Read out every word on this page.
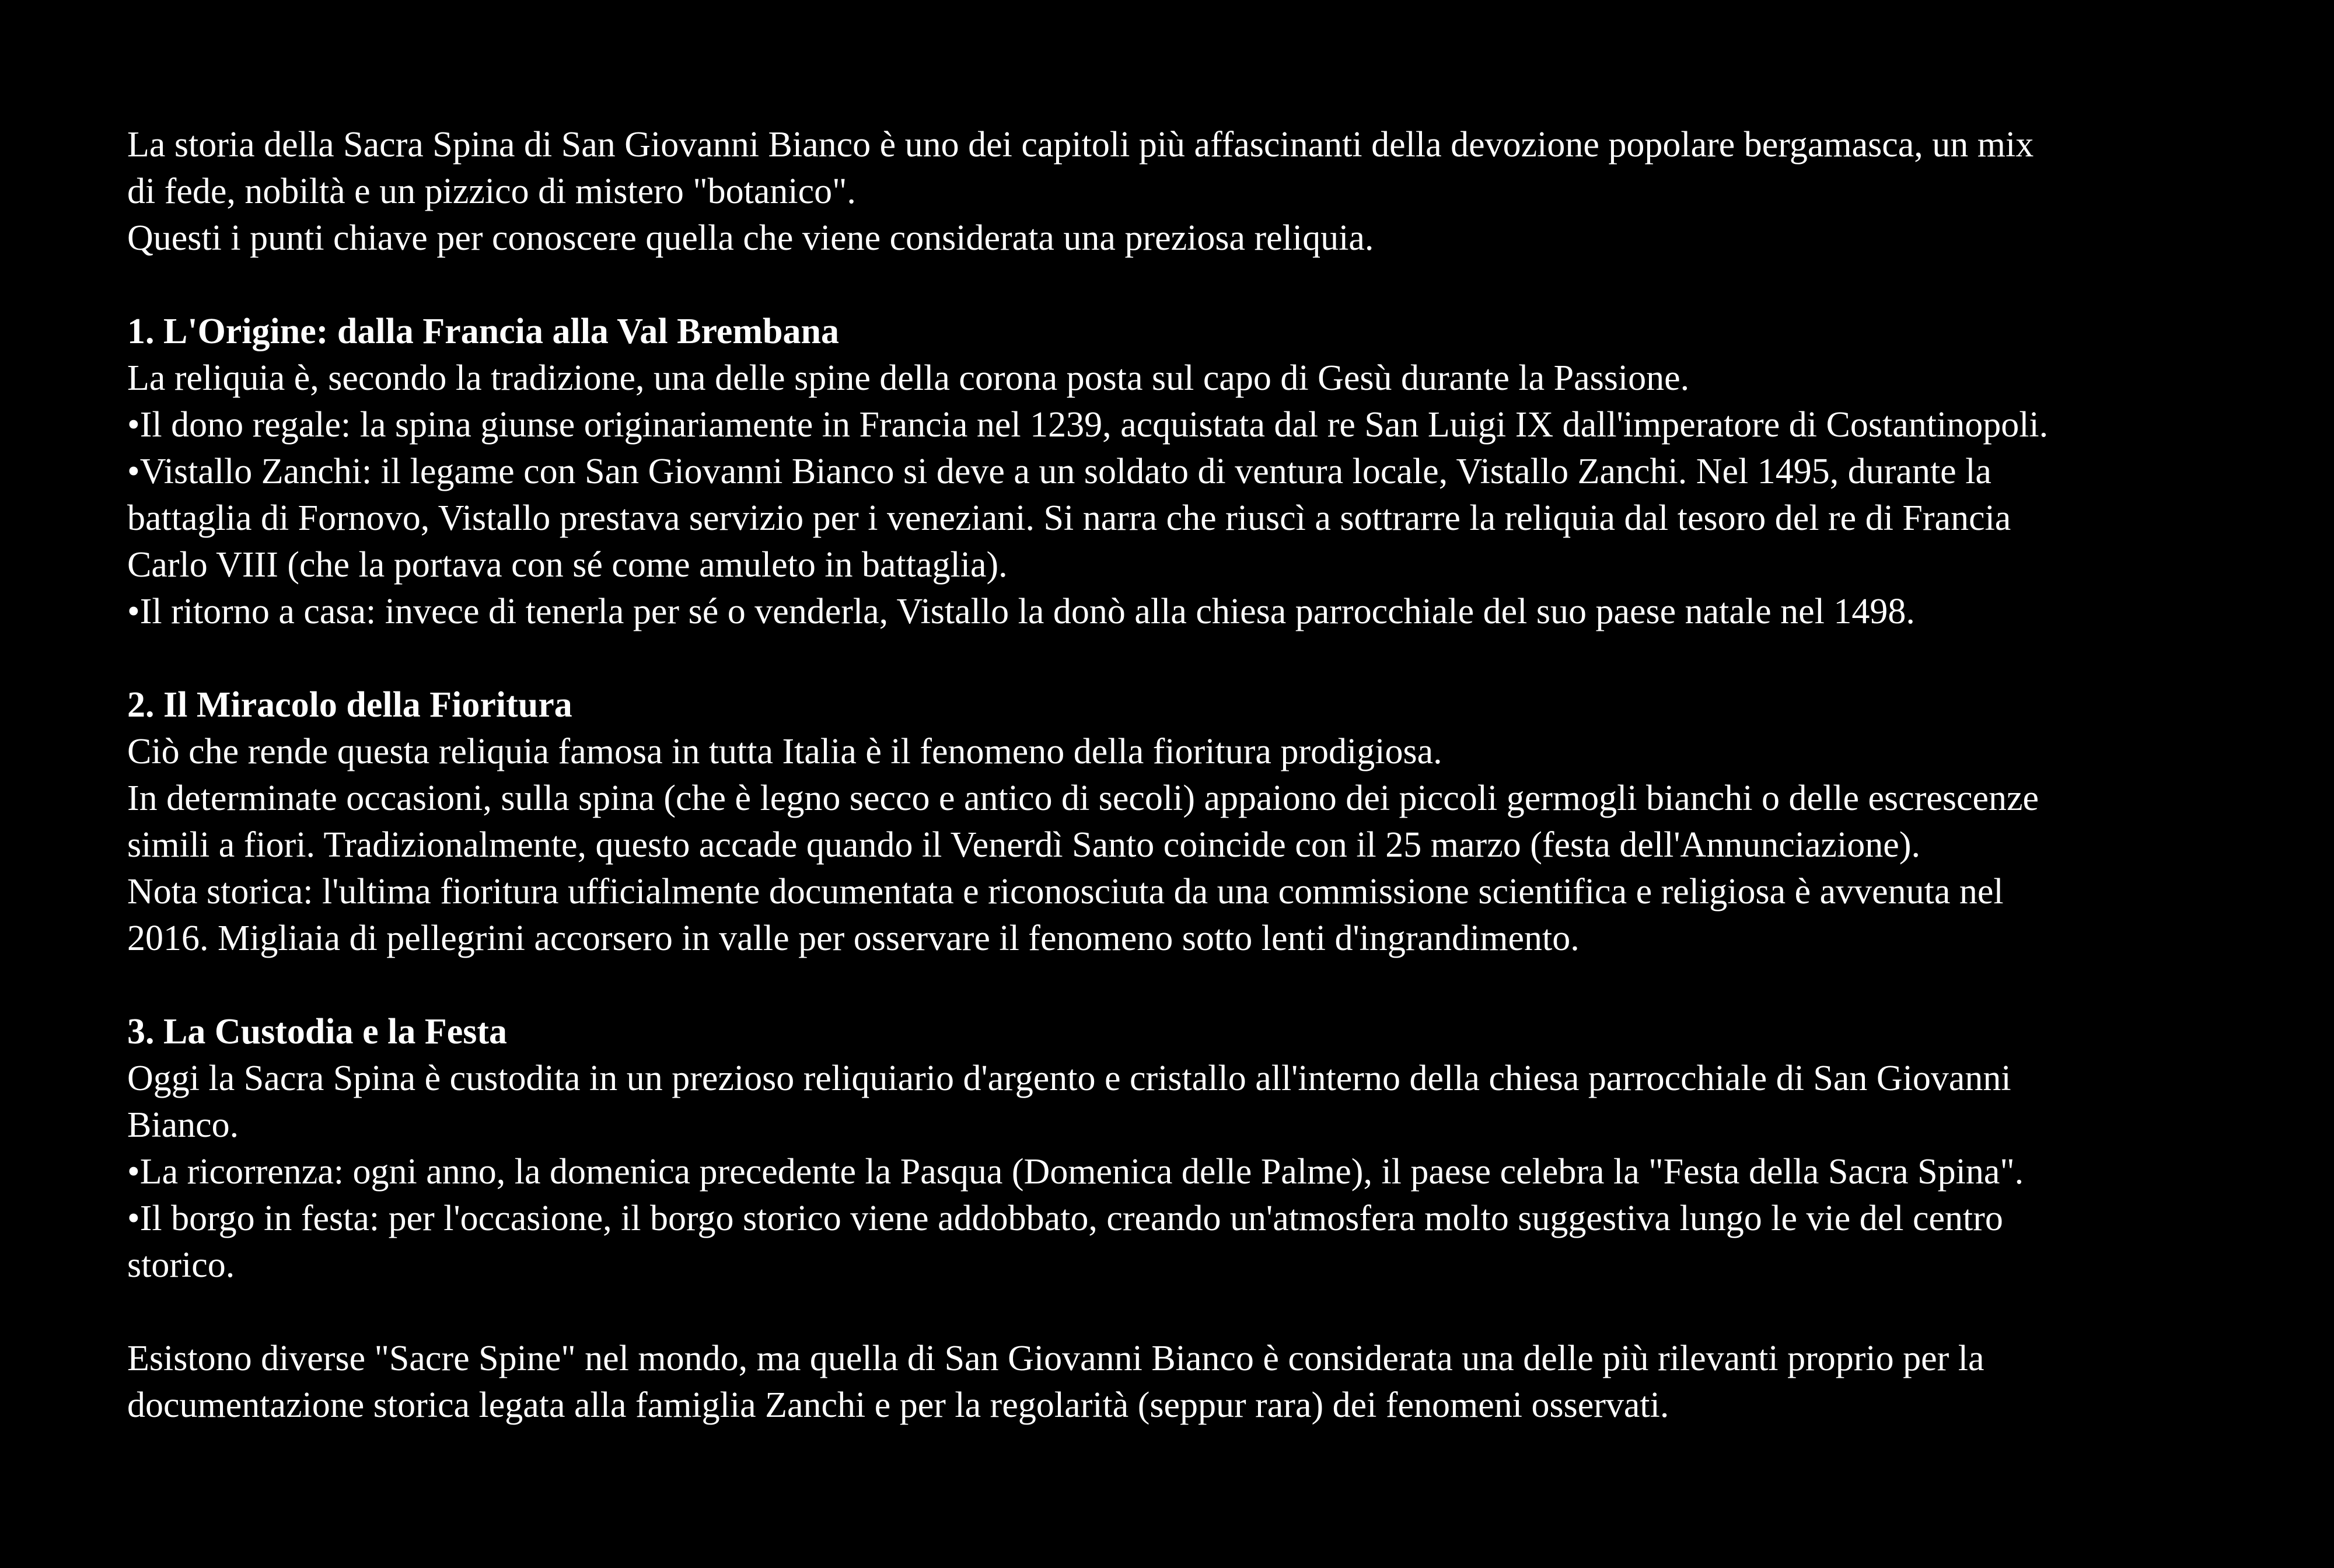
La storia della Sacra Spina di San Giovanni Bianco è uno dei capitoli più affascinanti della devozione popolare bergamasca, un mix
di fede, nobiltà e un pizzico di mistero "botanico".
Questi i punti chiave per conoscere quella che viene considerata una preziosa reliquia.
1. L'Origine: dalla Francia alla Val Brembana
La reliquia è, secondo la tradizione, una delle spine della corona posta sul capo di Gesù durante la Passione.
•Il dono regale: la spina giunse originariamente in Francia nel 1239, acquistata dal re San Luigi IX dall'imperatore di Costantinopoli.
•Vistallo Zanchi: il legame con San Giovanni Bianco si deve a un soldato di ventura locale, Vistallo Zanchi. Nel 1495, durante la
battaglia di Fornovo, Vistallo prestava servizio per i veneziani. Si narra che riuscì a sottrarre la reliquia dal tesoro del re di Francia
Carlo VIII (che la portava con sé come amuleto in battaglia).
•Il ritorno a casa: invece di tenerla per sé o venderla, Vistallo la donò alla chiesa parrocchiale del suo paese natale nel 1498.
2. Il Miracolo della Fioritura
Ciò che rende questa reliquia famosa in tutta Italia è il fenomeno della fioritura prodigiosa.
In determinate occasioni, sulla spina (che è legno secco e antico di secoli) appaiono dei piccoli germogli bianchi o delle escrescenze
simili a fiori. Tradizionalmente, questo accade quando il Venerdì Santo coincide con il 25 marzo (festa dell'Annunciazione).
Nota storica: l'ultima fioritura ufficialmente documentata e riconosciuta da una commissione scientifica e religiosa è avvenuta nel
2016. Migliaia di pellegrini accorsero in valle per osservare il fenomeno sotto lenti d'ingrandimento.
3. La Custodia e la Festa
Oggi la Sacra Spina è custodita in un prezioso reliquiario d'argento e cristallo all'interno della chiesa parrocchiale di San Giovanni
Bianco.
•La ricorrenza: ogni anno, la domenica precedente la Pasqua (Domenica delle Palme), il paese celebra la "Festa della Sacra Spina".
•Il borgo in festa: per l'occasione, il borgo storico viene addobbato, creando un'atmosfera molto suggestiva lungo le vie del centro
storico.
Esistono diverse "Sacre Spine" nel mondo, ma quella di San Giovanni Bianco è considerata una delle più rilevanti proprio per la
documentazione storica legata alla famiglia Zanchi e per la regolarità (seppur rara) dei fenomeni osservati.
